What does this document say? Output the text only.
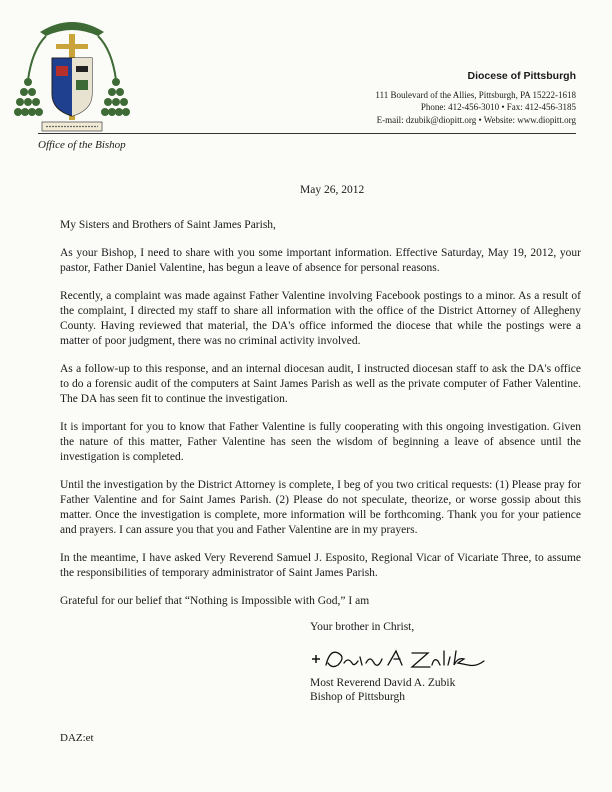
Diocese of Pittsburgh
111 Boulevard of the Allies, Pittsburgh, PA 15222-1618
Phone: 412-456-3010 • Fax: 412-456-3185
E-mail: dzubik@diopitt.org • Website: www.diopitt.org
Office of the Bishop
May 26, 2012

My Sisters and Brothers of Saint James Parish,

As your Bishop, I need to share with you some important information. Effective Saturday, May 19, 2012, your pastor, Father Daniel Valentine, has begun a leave of absence for personal reasons.

Recently, a complaint was made against Father Valentine involving Facebook postings to a minor. As a result of the complaint, I directed my staff to share all information with the office of the District Attorney of Allegheny County. Having reviewed that material, the DA's office informed the diocese that while the postings were a matter of poor judgment, there was no criminal activity involved.

As a follow-up to this response, and an internal diocesan audit, I instructed diocesan staff to ask the DA's office to do a forensic audit of the computers at Saint James Parish as well as the private computer of Father Valentine. The DA has seen fit to continue the investigation.

It is important for you to know that Father Valentine is fully cooperating with this ongoing investigation. Given the nature of this matter, Father Valentine has seen the wisdom of beginning a leave of absence until the investigation is completed.

Until the investigation by the District Attorney is complete, I beg of you two critical requests: (1) Please pray for Father Valentine and for Saint James Parish. (2) Please do not speculate, theorize, or worse gossip about this matter. Once the investigation is complete, more information will be forthcoming. Thank you for your patience and prayers. I can assure you that you and Father Valentine are in my prayers.

In the meantime, I have asked Very Reverend Samuel J. Esposito, Regional Vicar of Vicariate Three, to assume the responsibilities of temporary administrator of Saint James Parish.

Grateful for our belief that “Nothing is Impossible with God,” I am

Your brother in Christ,
Most Reverend David A. Zubik
Bishop of Pittsburgh
DAZ:et
